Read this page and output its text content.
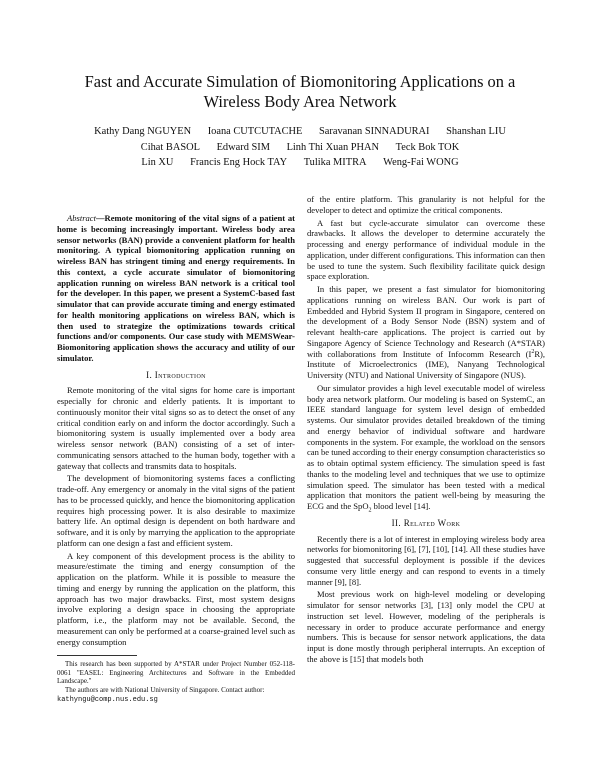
Fast and Accurate Simulation of Biomonitoring Applications on a Wireless Body Area Network
Kathy Dang NGUYEN Ioana CUTCUTACHE Saravanan SINNADURAI Shanshan LIU
Cihat BASOL Edward SIM Linh Thi Xuan PHAN Teck Bok TOK
Lin XU Francis Eng Hock TAY Tulika MITRA Weng-Fai WONG

Abstract—Remote monitoring of the vital signs of a patient at home is becoming increasingly important. Wireless body area sensor networks (BAN) provide a convenient platform for health monitoring. A typical biomonitoring application running on wireless BAN has stringent timing and energy requirements. In this context, a cycle accurate simulator of biomonitoring application running on wireless BAN network is a critical tool for the developer. In this paper, we present a SystemC-based fast simulator that can provide accurate timing and energy estimated for health monitoring applications on wireless BAN, which is then used to strategize the optimizations towards critical functions and/or components. Our case study with MEMSWear-Biomonitoring application shows the accuracy and utility of our simulator.

I. Introduction

Remote monitoring of the vital signs for home care is important especially for chronic and elderly patients. It is important to continuously monitor their vital signs so as to detect the onset of any critical condition early on and inform the doctor accordingly. Such a biomonitoring system is usually implemented over a body area wireless sensor network (BAN) consisting of a set of inter-communicating sensors attached to the human body, together with a gateway that collects and transmits data to hospitals.

The development of biomonitoring systems faces a conflicting trade-off. Any emergency or anomaly in the vital signs of the patient has to be processed quickly, and hence the biomonitoring application requires high processing power. It is also desirable to maximize battery life. An optimal design is dependent on both hardware and software, and it is only by marrying the application to the appropriate platform can one design a fast and efficient system.

A key component of this development process is the ability to measure/estimate the timing and energy consumption of the application on the platform. While it is possible to measure the timing and energy by running the application on the platform, this approach has two major drawbacks. First, most system designs involve exploring a design space in choosing the appropriate platform, i.e., the platform may not be available. Second, the measurement can only be performed at a coarse-grained level such as energy consumption

This research has been supported by A*STAR under Project Number 052-118-0061 "EASEL: Engineering Architectures and Software in the Embedded Landscape."

The authors are with National University of Singapore. Contact author:
kathyngu@comp.nus.edu.sg

of the entire platform. This granularity is not helpful for the developer to detect and optimize the critical components.

A fast but cycle-accurate simulator can overcome these drawbacks. It allows the developer to determine accurately the processing and energy performance of individual module in the application, under different configurations. This information can then be used to tune the system. Such flexibility facilitate quick design space exploration.

In this paper, we present a fast simulator for biomonitoring applications running on wireless BAN. Our work is part of Embedded and Hybrid System II program in Singapore, centered on the development of a Body Sensor Node (BSN) system and of relevant health-care applications. The project is carried out by Singapore Agency of Science Technology and Research (A*STAR) with collaborations from Institute of Infocomm Research $(I^2R)$, Institute of Microelectronics (IME), Nanyang Technological University (NTU) and National University of Singapore (NUS).

Our simulator provides a high level executable model of wireless body area network platform. Our modeling is based on SystemC, an IEEE standard language for system level design of embedded systems. Our simulator provides detailed breakdown of the timing and energy behavior of individual software and hardware components in the system. For example, the workload on the sensors can be tuned according to their energy consumption characteristics so as to obtain optimal system efficiency. The simulation speed is fast thanks to the modeling level and techniques that we use to optimize simulation speed. The simulator has been tested with a medical application that monitors the patient well-being by measuring the ECG and the SpO$_2$ blood level [14].

II. Related Work

Recently there is a lot of interest in employing wireless body area networks for biomonitoring [6], [7], [10], [14]. All these studies have suggested that successful deployment is possible if the devices consume very little energy and can respond to events in a timely manner [9], [8].

Most previous work on high-level modeling or developing simulator for sensor networks [3], [13] only model the CPU at instruction set level. However, modeling of the peripherals is necessary in order to produce accurate performance and energy numbers. This is because for sensor network applications, the data input is done mostly through peripheral interrupts. An exception of the above is [15] that models both
